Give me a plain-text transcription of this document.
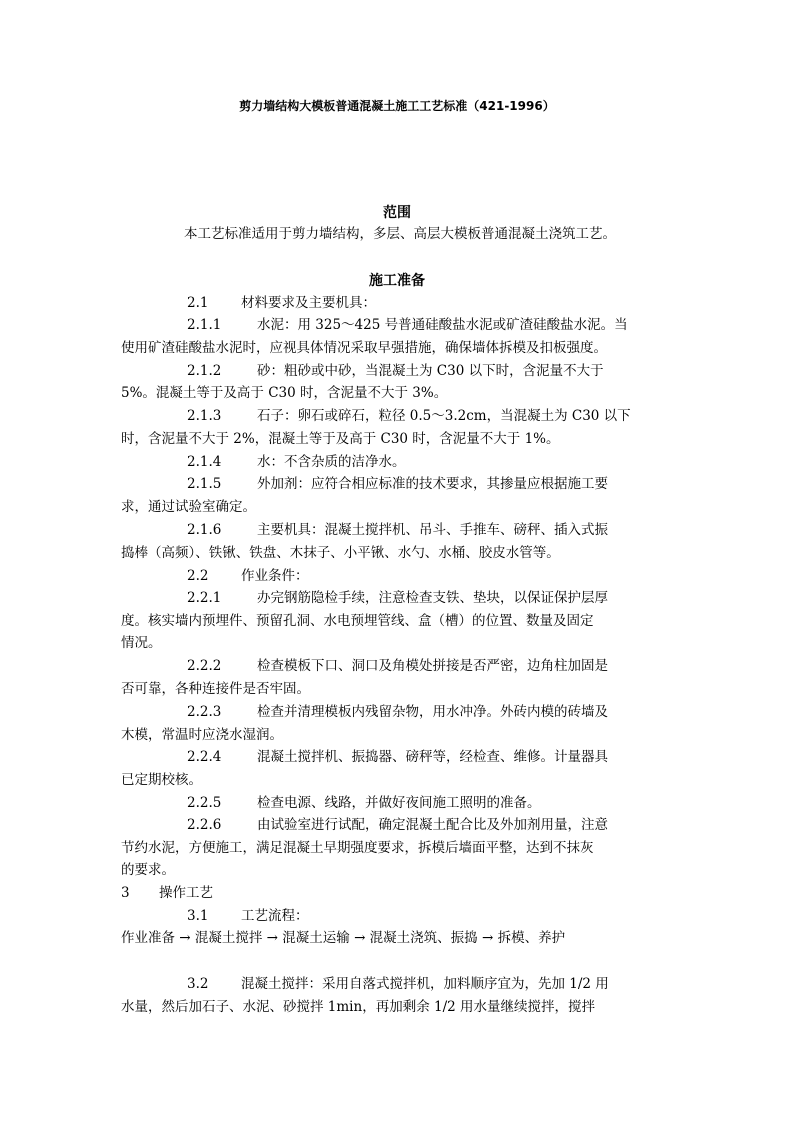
剪力墙结构大模板普通混凝土施工工艺标准（421-1996）
范围
本工艺标准适用于剪力墙结构，多层、高层大模板普通混凝土浇筑工艺。
施工准备
2.1 材料要求及主要机具：
2.1.1	水泥：用 325～425 号普通硅酸盐水泥或矿渣硅酸盐水泥。当
使用矿渣硅酸盐水泥时，应视具体情况采取早强措施，确保墙体拆模及扣板强度。
2.1.2	砂：粗砂或中砂，当混凝土为 C30 以下时，含泥量不大于
5%。混凝土等于及高于 C30 时，含泥量不大于 3%。
2.1.3	石子：卵石或碎石，粒径 0.5～3.2cm，当混凝土为 C30 以下
时，含泥量不大于 2%，混凝土等于及高于 C30 时，含泥量不大于 1%。
2.1.4	水：不含杂质的洁净水。
2.1.5	外加剂：应符合相应标准的技术要求，其掺量应根据施工要
求，通过试验室确定。
2.1.6	主要机具：混凝土搅拌机、吊斗、手推车、磅秤、插入式振
捣棒（高频）、铁锹、铁盘、木抹子、小平锹、水勺、水桶、胶皮水管等。
2.2 作业条件：
2.2.1	办完钢筋隐检手续，注意检查支铁、垫块，以保证保护层厚
度。核实墙内预埋件、预留孔洞、水电预埋管线、盒（槽）的位置、数量及固定
情况。
2.2.2	检查模板下口、洞口及角模处拼接是否严密，边角柱加固是
否可靠，各种连接件是否牢固。
2.2.3	检查并清理模板内残留杂物，用水冲净。外砖内模的砖墙及
木模，常温时应浇水湿润。
2.2.4	混凝土搅拌机、振捣器、磅秤等，经检查、维修。计量器具
已定期校核。
2.2.5	检查电源、线路，并做好夜间施工照明的准备。
2.2.6	由试验室进行试配，确定混凝土配合比及外加剂用量，注意
节约水泥，方便施工，满足混凝土早期强度要求，拆模后墙面平整，达到不抹灰
的要求。
3 操作工艺
3.1 工艺流程：
作业准备 → 混凝土搅拌 → 混凝土运输 → 混凝土浇筑、振捣 → 拆模、养护
3.2 混凝土搅拌：采用自落式搅拌机，加料顺序宜为，先加 1/2 用
水量，然后加石子、水泥、砂搅拌 1min，再加剩余 1/2 用水量继续搅拌，搅拌
